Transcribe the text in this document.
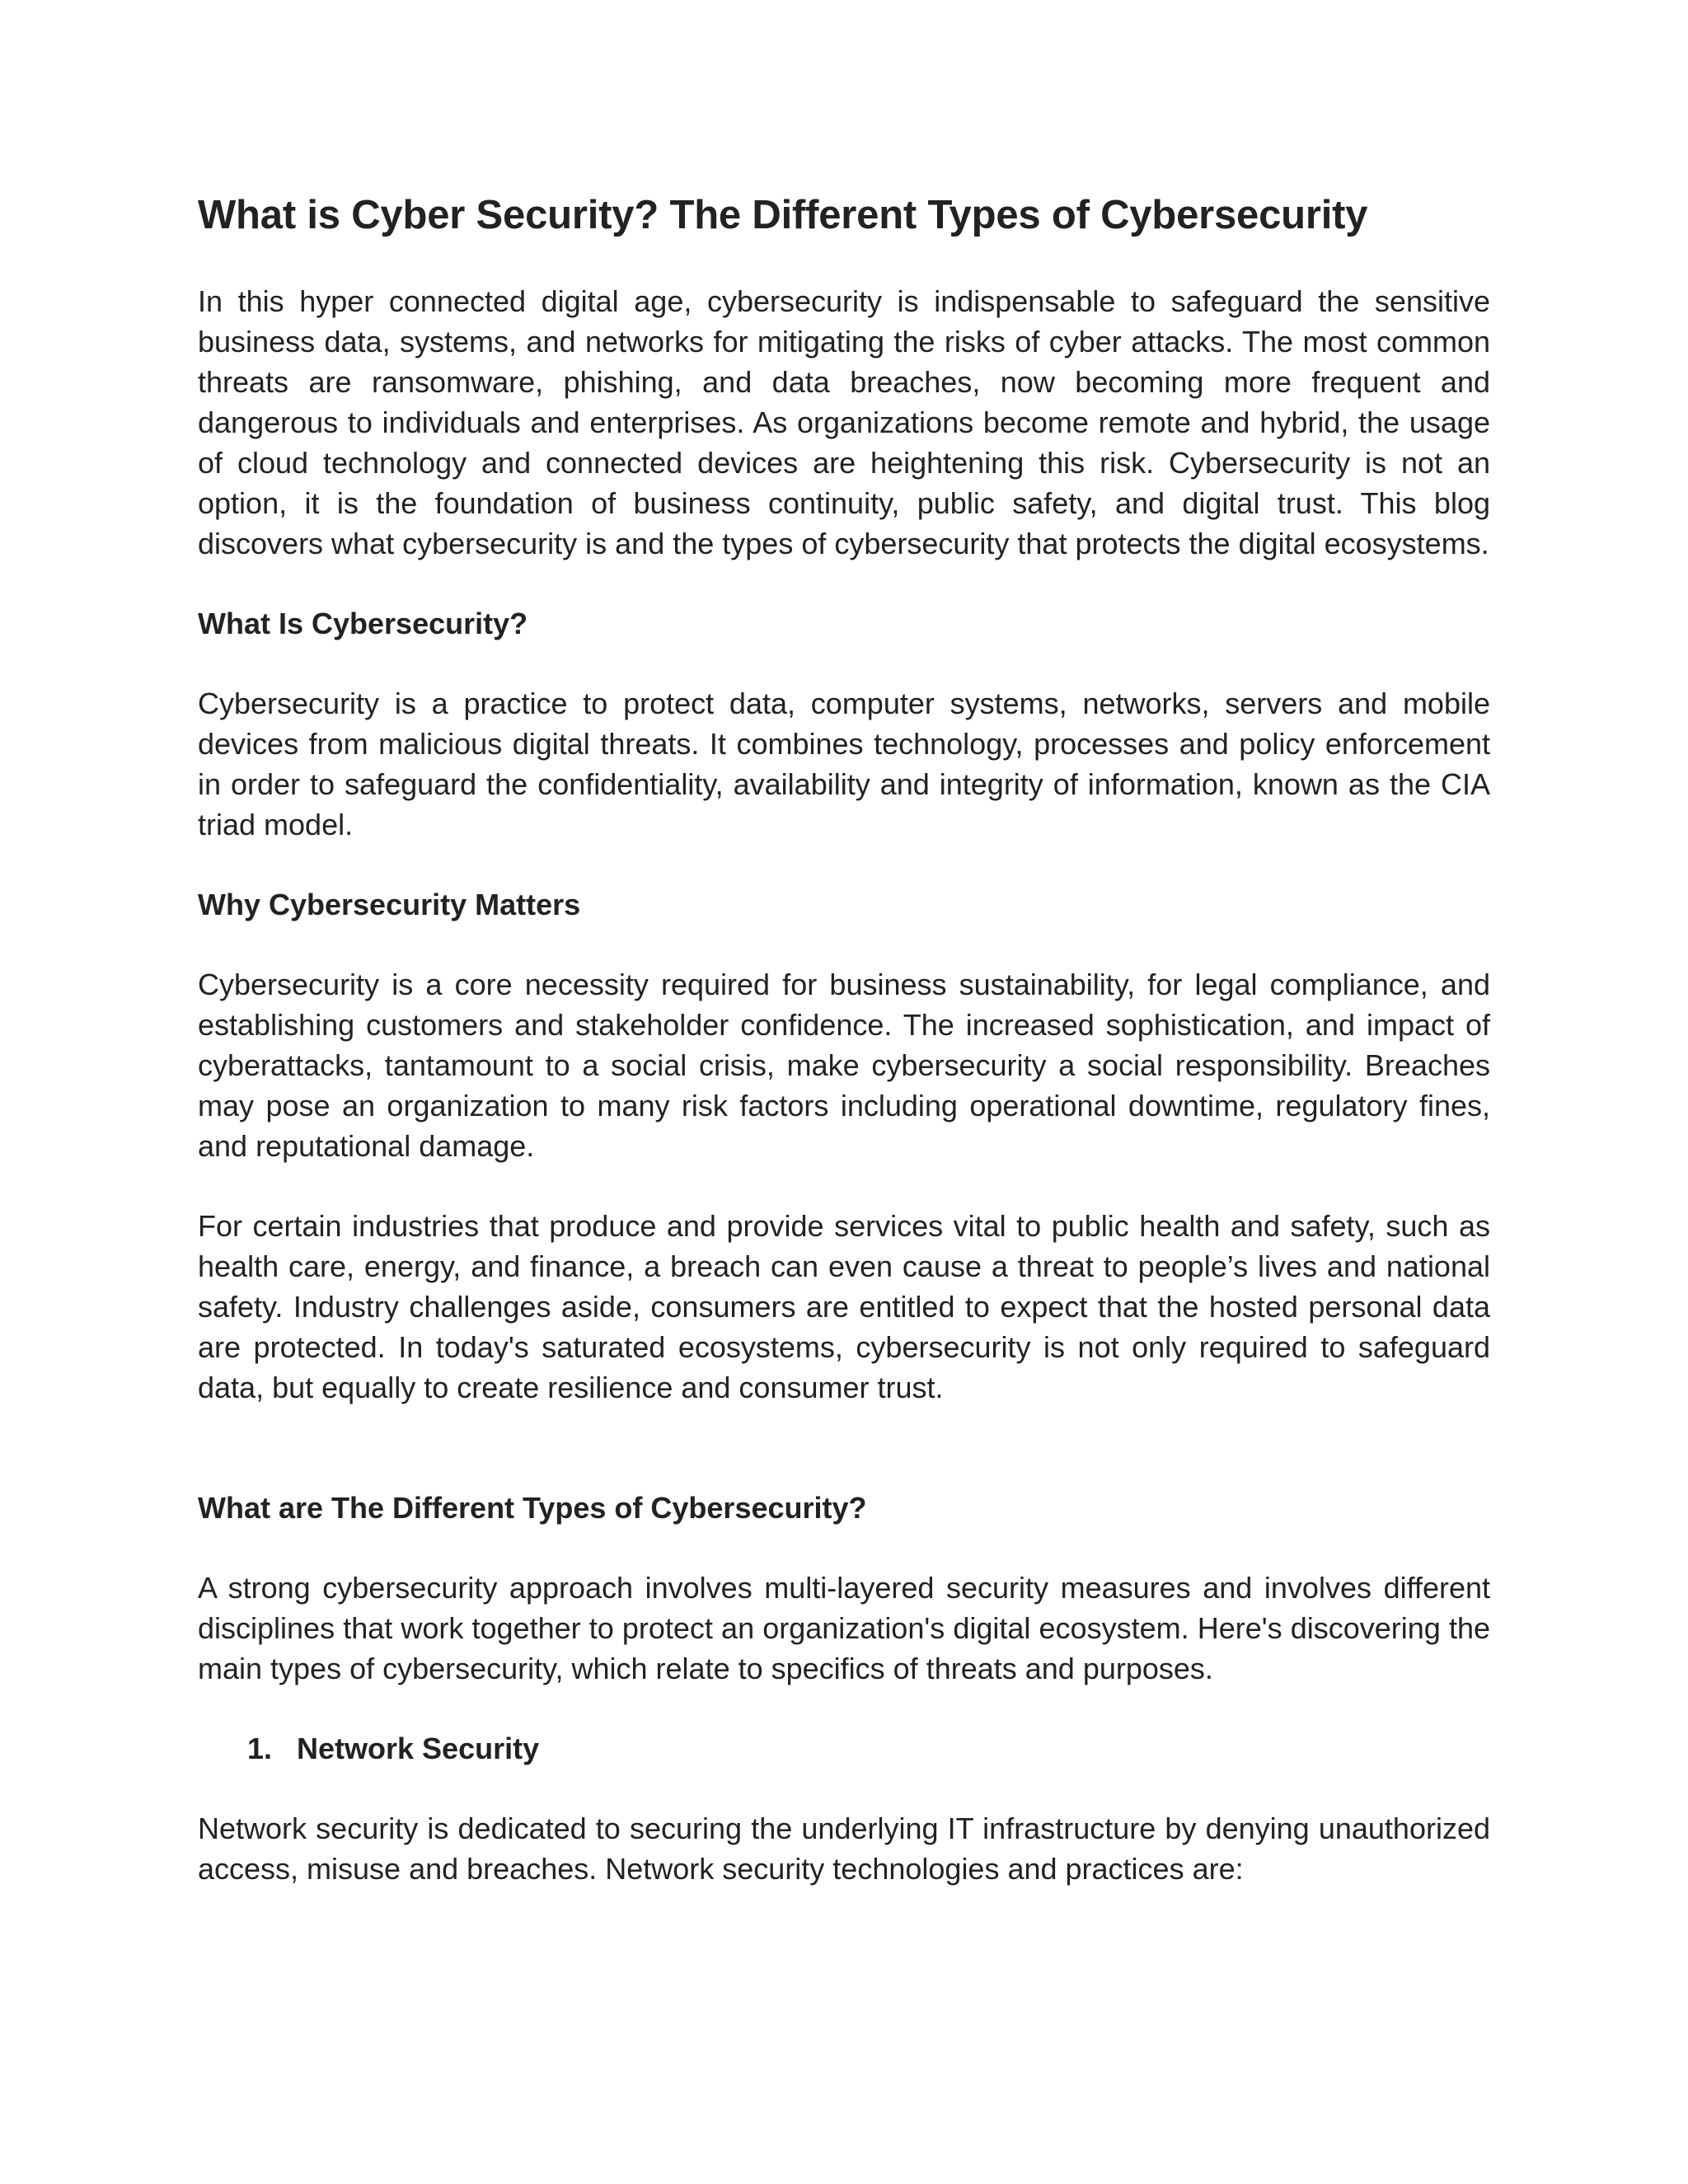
What is Cyber Security? The Different Types of Cybersecurity

In this hyper connected digital age, cybersecurity is indispensable to safeguard the sensitive business data, systems, and networks for mitigating the risks of cyber attacks. The most common threats are ransomware, phishing, and data breaches, now becoming more frequent and dangerous to individuals and enterprises. As organizations become remote and hybrid, the usage of cloud technology and connected devices are heightening this risk. Cybersecurity is not an option, it is the foundation of business continuity, public safety, and digital trust. This blog discovers what cybersecurity is and the types of cybersecurity that protects the digital ecosystems.

What Is Cybersecurity?

Cybersecurity is a practice to protect data, computer systems, networks, servers and mobile devices from malicious digital threats. It combines technology, processes and policy enforcement in order to safeguard the confidentiality, availability and integrity of information, known as the CIA triad model.

Why Cybersecurity Matters

Cybersecurity is a core necessity required for business sustainability, for legal compliance, and establishing customers and stakeholder confidence. The increased sophistication, and impact of cyberattacks, tantamount to a social crisis, make cybersecurity a social responsibility. Breaches may pose an organization to many risk factors including operational downtime, regulatory fines, and reputational damage.

For certain industries that produce and provide services vital to public health and safety, such as health care, energy, and finance, a breach can even cause a threat to people’s lives and national safety. Industry challenges aside, consumers are entitled to expect that the hosted personal data are protected. In today's saturated ecosystems, cybersecurity is not only required to safeguard data, but equally to create resilience and consumer trust.

What are The Different Types of Cybersecurity?

A strong cybersecurity approach involves multi-layered security measures and involves different disciplines that work together to protect an organization's digital ecosystem. Here's discovering the main types of cybersecurity, which relate to specifics of threats and purposes.

1. Network Security

Network security is dedicated to securing the underlying IT infrastructure by denying unauthorized access, misuse and breaches. Network security technologies and practices are:
